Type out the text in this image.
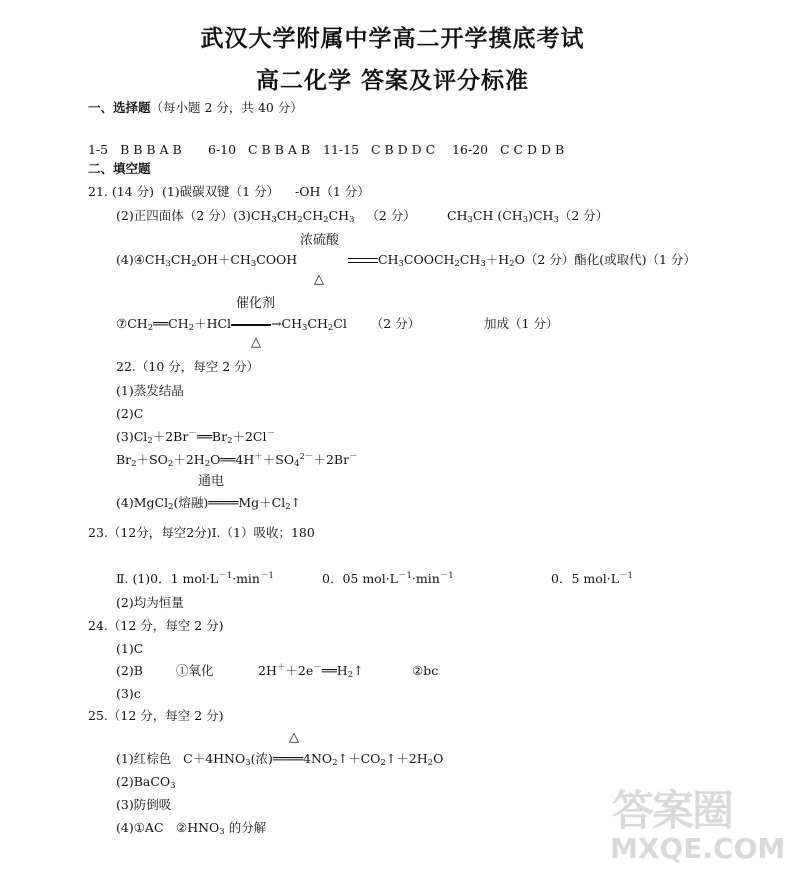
武汉大学附属中学高二开学摸底考试
高二化学 答案及评分标准
一、选择题（每小题 2 分，共 40 分）
1-5 B B B A B 6-10 C B B A B 11-15 C B D D C 16-20 C C D D B
二、填空题
21. (14 分) (1)碳碳双键（1 分） -OH（1 分）
(2)正四面体（2 分）$(3)CH_3CH_2CH_2CH_3$ （2 分） $CH_3CH$ $(CH_3)CH_3(2$ 分）
浓硫酸
$(4)④CH_3CH_2OH+CH_3COOH$	$CH_3COOCH_2CH_3+H_2O(2$ 分）酯化(或取代)（1 分）
△
催化剂
$⑦CH_2══CH_2+HCl$	$\to CH_3CH_2Cl$      （2 分）	加成（1 分）
△
22.（10 分，每空 2 分）
(1)蒸发结晶
(2)C
$(3)Cl_2+2Br^-══Br_2+2Cl^-$
$Br_2+SO_2+2H_2O══4H^++SO_4^{2-}+2Br^-$
通电
(4)MgCl$_2$(熔融)$════Mg+Cl_2↑$
23.（12分，每空2分)Ⅰ.（1）吸收；180
Ⅱ. (1)0．1 $mol\cdot L^{-1}\cdot\min^{-1}$	0．05 $mol\cdot L^{-1}\cdot\min^{-1}$	0．5 $mol\cdot L^{-1}$
(2)均为恒量
24.（12 分，每空 2 分)
(1)C
(2)B	①氧化	$2H^++2e^-══H_2↑$	②bc
(3)c
25.（12 分，每空 2 分)
△
(1)红棕色   $C+4HNO_3$(浓)$════4NO_2↑+CO_2↑+2H_2O$
(2)BaCO$_3$
(3)防倒吸
(4)①AC　$②HNO_3$ 的分解	答案圈
MXQE.COM
